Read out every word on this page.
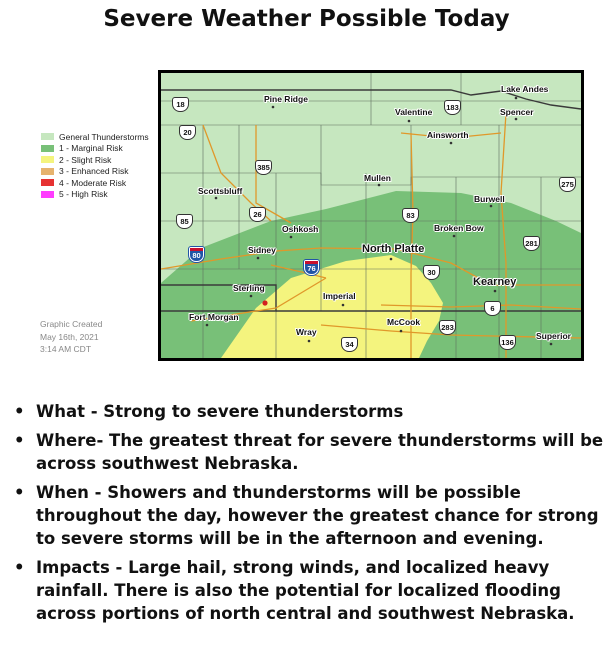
Severe Weather Possible Today
General Thunderstorms
1 - Marginal Risk
2 - Slight Risk
3 - Enhanced Risk
4 - Moderate Risk
5 - High Risk
Graphic Created
May 16th, 2021
3:14 AM CDT
Pine Ridge
Valentine
Lake Andes
Spencer
Ainsworth
Scottsbluff
Mullen
Burwell
Oshkosh	Broken Bow
Sidney	North Platte
Kearney
Sterling
Imperial
Fort Morgan	McCook
Wray	Superior
18
20
183
385
275
85
26	83
281
80
76	30
6
283
136
34
• What - Strong to severe thunderstorms
• Where- The greatest threat for severe thunderstorms will be across southwest Nebraska.
• When - Showers and thunderstorms will be possible throughout the day, however the greatest chance for strong to severe storms will be in the afternoon and evening.
• Impacts - Large hail, strong winds, and localized heavy rainfall. There is also the potential for localized flooding across portions of north central and southwest Nebraska.
